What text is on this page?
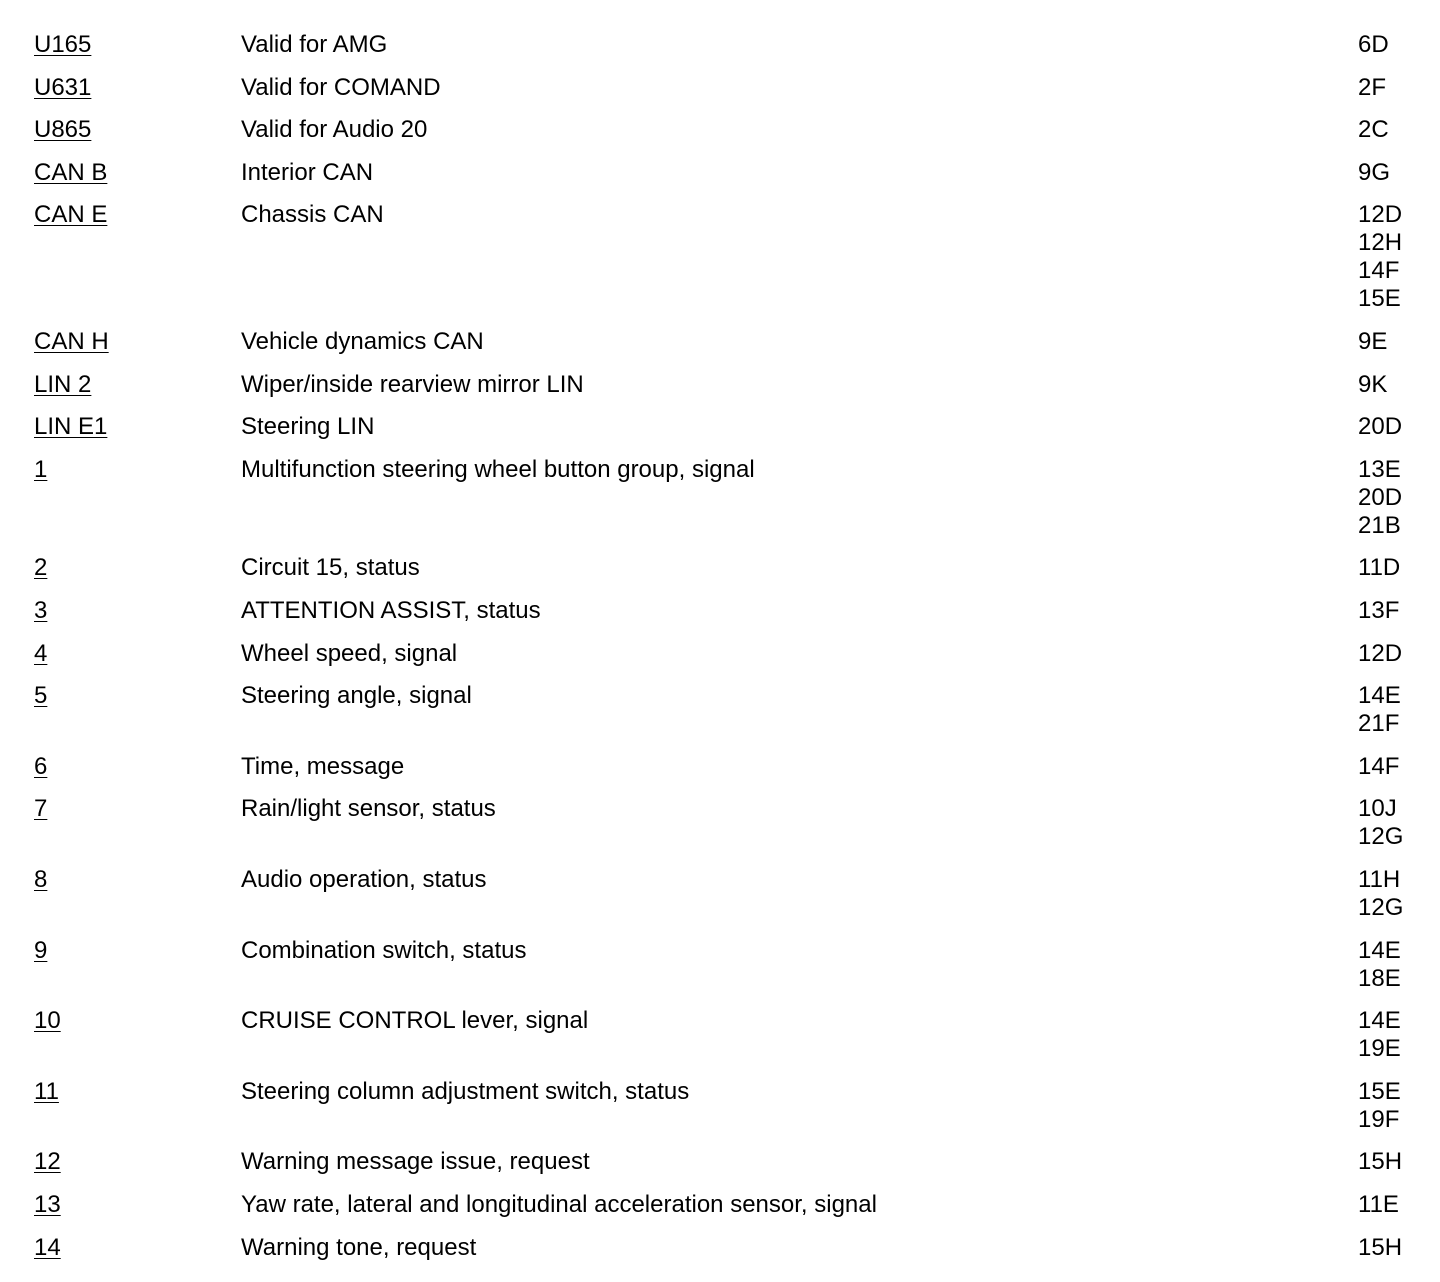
U165	Valid for AMG	6D
U631	Valid for COMAND	2F
U865	Valid for Audio 20	2C
CAN B	Interior CAN	9G
CAN E	Chassis CAN	12D
12H
14F
15E
CAN H	Vehicle dynamics CAN	9E
LIN 2	Wiper/inside rearview mirror LIN	9K
LIN E1	Steering LIN	20D
1	Multifunction steering wheel button group, signal	13E
20D
21B
2	Circuit 15, status	11D
3	ATTENTION ASSIST, status	13F
4	Wheel speed, signal	12D
5	Steering angle, signal	14E
21F
6	Time, message	14F
7	Rain/light sensor, status	10J
12G
8	Audio operation, status	11H
12G
9	Combination switch, status	14E
18E
10	CRUISE CONTROL lever, signal	14E
19E
11	Steering column adjustment switch, status	15E
19F
12	Warning message issue, request	15H
13	Yaw rate, lateral and longitudinal acceleration sensor, signal	11E
14	Warning tone, request	15H
